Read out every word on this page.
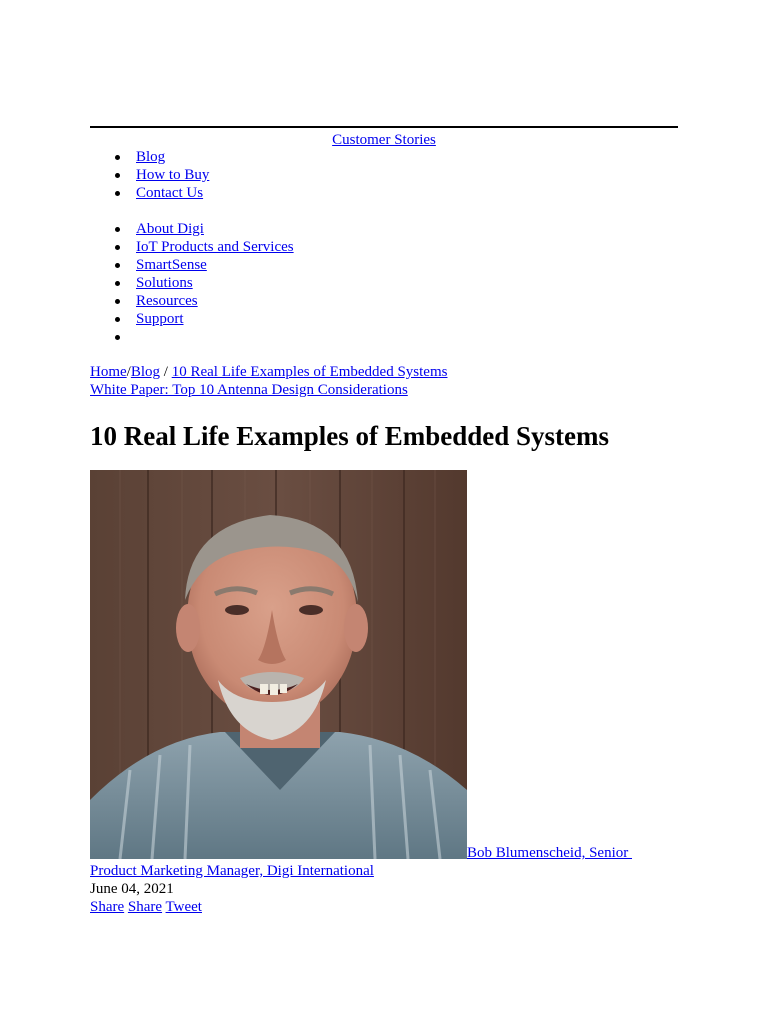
Customer Stories
Blog
How to Buy
Contact Us
About Digi
IoT Products and Services
SmartSense
Solutions
Resources
Support
Home/Blog / 10 Real Life Examples of Embedded Systems
White Paper: Top 10 Antenna Design Considerations
10 Real Life Examples of Embedded Systems
Bob Blumenscheid, Senior
Product Marketing Manager, Digi International
June 04, 2021
Share Share Tweet
